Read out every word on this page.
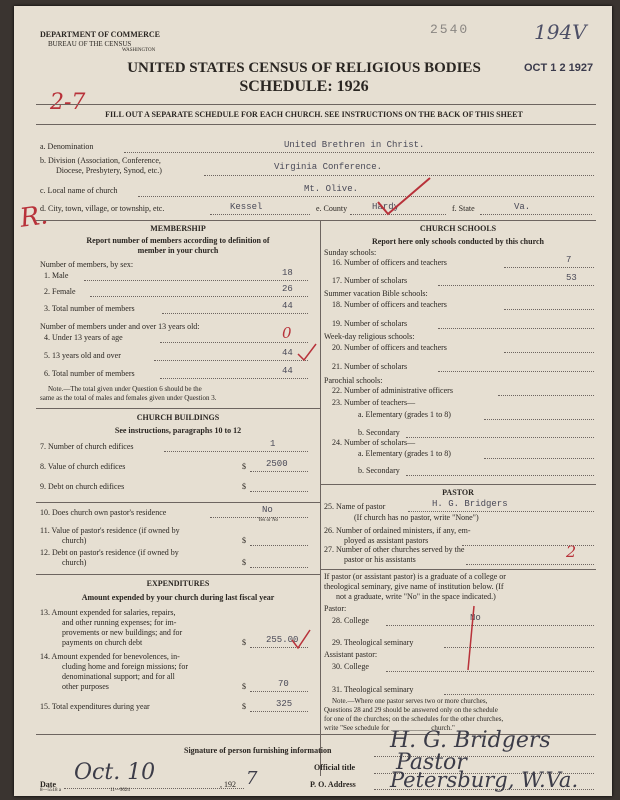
DEPARTMENT OF COMMERCE
BUREAU OF THE CENSUS
WASHINGTON
UNITED STATES CENSUS OF RELIGIOUS BODIES
SCHEDULE: 1926
2540	194V
OCT 1 2 1927
2-7
R.
FILL OUT A SEPARATE SCHEDULE FOR EACH CHURCH. SEE INSTRUCTIONS ON THE BACK OF THIS SHEET
a. Denomination	United Brethren in Christ.
b. Division (Association, Conference,
Diocese, Presbytery, Synod, etc.)	Virginia Conference.
c. Local name of church	Mt. Olive.
d. City, town, village, or township, etc.	Kessel	e. County	Hardy	f. State	Va.
MEMBERSHIP
Report number of members according to definition of
member in your church
Number of members, by sex:
1. Male	18
2. Female	26
3. Total number of members	44
Number of members under and over 13 years old:
4. Under 13 years of age	0
5. 13 years old and over	44
6. Total number of members	44
Note.—The total given under Question 6 should be the
same as the total of males and females given under Question 3.
CHURCH BUILDINGS
See instructions, paragraphs 10 to 12
7. Number of church edifices	1
8. Value of church edifices	$ 2500
9. Debt on church edifices	$
10. Does church own pastor's residence	No
Yes or No
11. Value of pastor's residence (if owned by
church)	$
12. Debt on pastor's residence (if owned by
church)	$
EXPENDITURES
Amount expended by your church during last fiscal year
13. Amount expended for salaries, repairs,
and other running expenses; for im-
provements or new buildings; and for
payments on church debt	$ 255.00
14. Amount expended for benevolences, in-
cluding home and foreign missions; for
denominational support; and for all
other purposes	$	70
15. Total expenditures during year	$	325
CHURCH SCHOOLS
Report here only schools conducted by this church
Sunday schools:
16. Number of officers and teachers	7
17. Number of scholars	53
Summer vacation Bible schools:
18. Number of officers and teachers
19. Number of scholars
Week-day religious schools:
20. Number of officers and teachers
21. Number of scholars
Parochial schools:
22. Number of administrative officers
23. Number of teachers—
a. Elementary (grades 1 to 8)
b. Secondary
24. Number of scholars—
a. Elementary (grades 1 to 8)
b. Secondary
PASTOR
25. Name of pastor	H. G. Bridgers
(If church has no pastor, write "None")
26. Number of ordained ministers, if any, em-
ployed as assistant pastors
27. Number of other churches served by the
pastor or his assistants	2
If pastor (or assistant pastor) is a graduate of a college or
theological seminary, give name of institution below. (If
not a graduate, write "No" in the space indicated.)
Pastor:
28. College	No
29. Theological seminary
Assistant pastor:
30. College
31. Theological seminary
Note.—Where one pastor serves two or more churches,
Questions 28 and 29 should be answered only on the schedule
for one of the churches; on the schedules for the other churches,
write "See schedule for ___________ church."
Signature of person furnishing information	H. G. Bridgers
Official title Pastor
Date Oct. 10	, 192 7	P. O. Address Petersburg, W.Va.
8—5518 a	11—9024
